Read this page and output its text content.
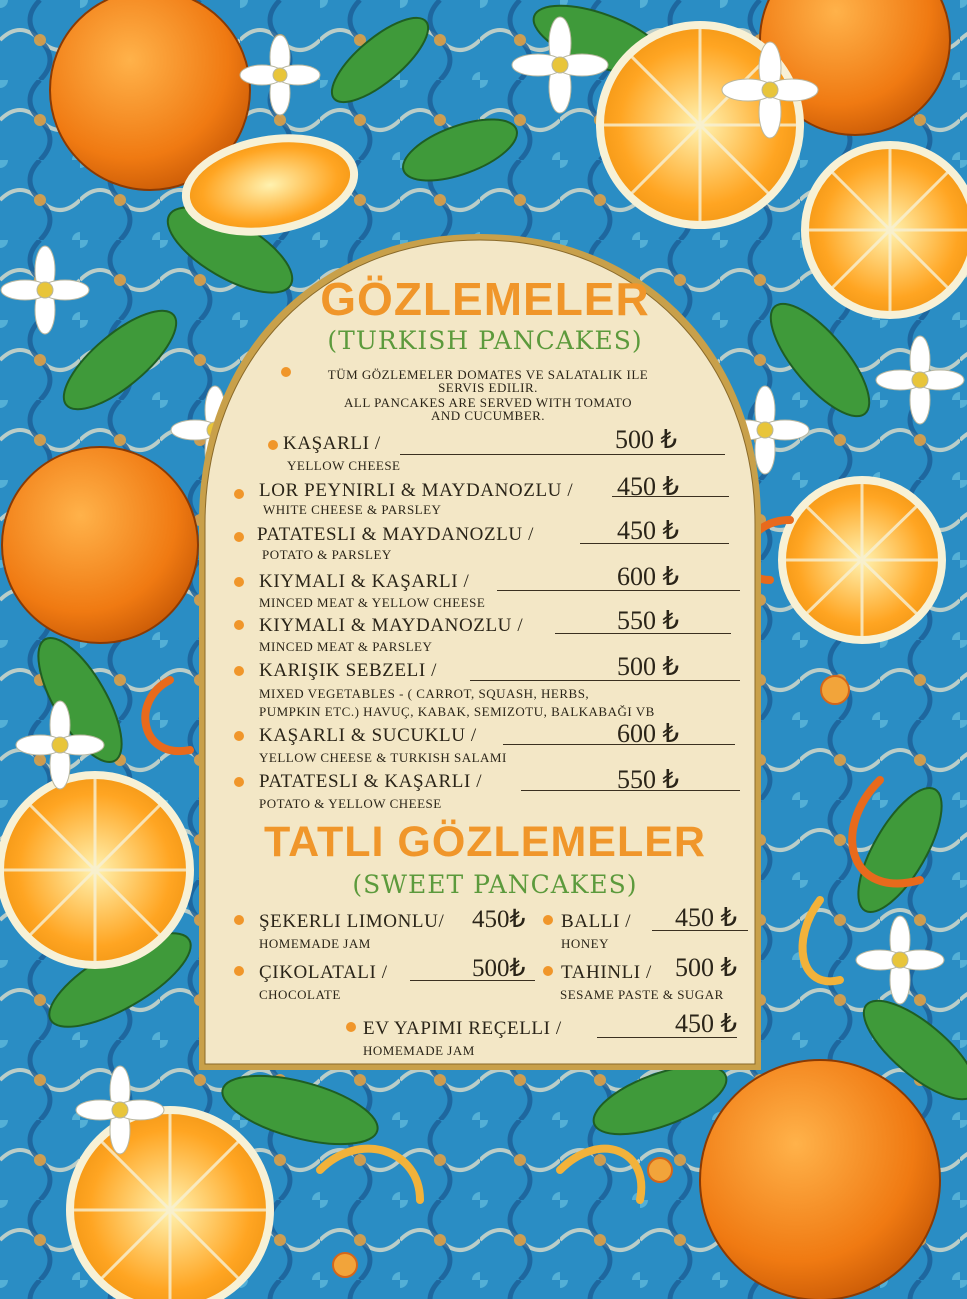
GÖZLEMELER
(TURKISH PANCAKES)
TÜM GÖZLEMELER DOMATES VE SALATALIK ILE
SERVIS EDILIR.
ALL PANCAKES ARE SERVED WITH TOMATO
AND CUCUMBER.
KAŞARLI /	500 ₺
YELLOW CHEESE
LOR PEYNIRLI & MAYDANOZLU / 450 ₺
WHITE CHEESE & PARSLEY
PATATESLI & MAYDANOZLU /	450 ₺
POTATO & PARSLEY
KIYMALI & KAŞARLI /	600 ₺
MINCED MEAT & YELLOW CHEESE
KIYMALI & MAYDANOZLU /	550 ₺
MINCED MEAT & PARSLEY
KARIŞIK SEBZELI /	500 ₺
MIXED VEGETABLES - ( CARROT, SQUASH, HERBS,
PUMPKIN ETC.) HAVUÇ, KABAK, SEMIZOTU, BALKABAĞI VB
KAŞARLI & SUCUKLU /	600 ₺
YELLOW CHEESE & TURKISH SALAMI
PATATESLI & KAŞARLI /	550 ₺
POTATO & YELLOW CHEESE
TATLI GÖZLEMELER
(SWEET PANCAKES)
ŞEKERLI LIMONLU/ 450₺
HOMEMADE JAM
BALLI / 450 ₺
HONEY
ÇIKOLATALI /	500₺
CHOCOLATE
TAHINLI / 500 ₺
SESAME PASTE & SUGAR
EV YAPIMI REÇELLI /	450 ₺
HOMEMADE JAM
